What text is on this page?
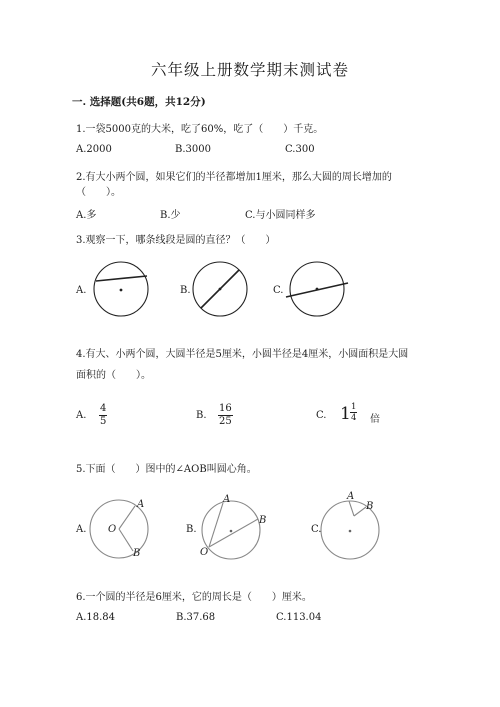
六年级上册数学期末测试卷
一. 选择题(共6题，共12分)
1.一袋5000克的大米，吃了60%，吃了（　　）千克。
A.2000	B.3000	C.300
2.有大小两个圆，如果它们的半径都增加1厘米，那么大圆的周长增加的
（　　）。
A.多	B.少	C.与小圆同样多
3.观察一下，哪条线段是圆的直径？（　　）
A.	B.	C.
4.有大、小两个圆，大圆半径是5厘米，小圆半径是4厘米，小圆面积是大圆
面积的（　　）。
A. $\frac{4}{5}$	B. $\frac{16}{25}$	C. $1 \frac{1}{4}$ 倍
5.下面（　　）图中的∠AOB叫圆心角。
A.	B.	C.
O
A
B	O
A
B
A
B
6.一个圆的半径是6厘米，它的周长是（　　）厘米。
A.18.84	B.37.68	C.113.04
